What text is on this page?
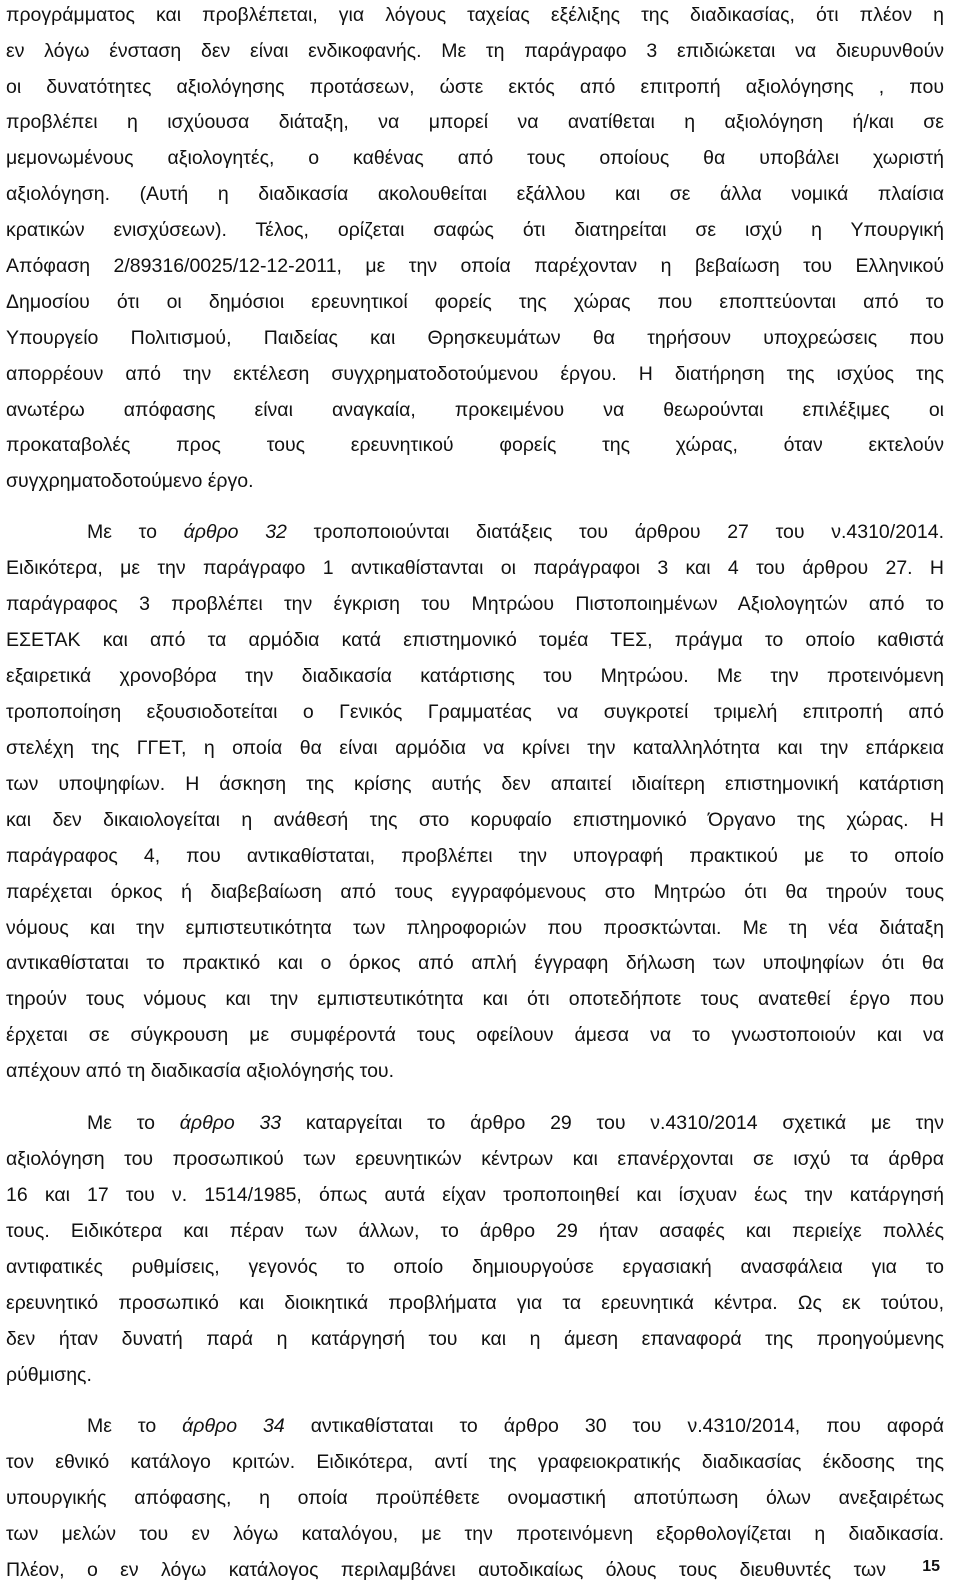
προγράμματος και προβλέπεται, για λόγους ταχείας εξέλιξης της διαδικασίας, ότι πλέον η
εν λόγω ένσταση δεν είναι ενδικοφανής. Με τη παράγραφο 3 επιδιώκεται να διευρυνθούν
οι δυνατότητες αξιολόγησης προτάσεων, ώστε εκτός από επιτροπή αξιολόγησης , που
προβλέπει η ισχύουσα διάταξη, να μπορεί να ανατίθεται η αξιολόγηση ή/και σε
μεμονωμένους αξιολογητές, ο καθένας από τους οποίους θα υποβάλει χωριστή
αξιολόγηση. (Αυτή η διαδικασία ακολουθείται εξάλλου και σε άλλα νομικά πλαίσια
κρατικών ενισχύσεων). Τέλος, ορίζεται σαφώς ότι διατηρείται σε ισχύ η Υπουργική
Απόφαση 2/89316/0025/12-12-2011, με την οποία παρέχονταν η βεβαίωση του Ελληνικού
Δημοσίου ότι οι δημόσιοι ερευνητικοί φορείς της χώρας που εποπτεύονται από το
Υπουργείο Πολιτισμού, Παιδείας και Θρησκευμάτων θα τηρήσουν υποχρεώσεις που
απορρέουν από την εκτέλεση συγχρηματοδοτούμενου έργου. Η διατήρηση της ισχύος της
ανωτέρω απόφασης είναι αναγκαία, προκειμένου να θεωρούνται επιλέξιμες οι
προκαταβολές προς τους ερευνητικού φορείς της χώρας, όταν εκτελούν
συγχρηματοδοτούμενο έργο.
Με το άρθρο 32 τροποποιούνται διατάξεις του άρθρου 27 του ν.4310/2014.
Ειδικότερα, με την παράγραφο 1 αντικαθίστανται οι παράγραφοι 3 και 4 του άρθρου 27. Η
παράγραφος 3 προβλέπει την έγκριση του Μητρώου Πιστοποιημένων Αξιολογητών από το
ΕΣΕΤΑΚ και από τα αρμόδια κατά επιστημονικό τομέα ΤΕΣ, πράγμα το οποίο καθιστά
εξαιρετικά χρονοβόρα την διαδικασία κατάρτισης του Μητρώου. Με την προτεινόμενη
τροποποίηση εξουσιοδοτείται ο Γενικός Γραμματέας να συγκροτεί τριμελή επιτροπή από
στελέχη της ΓΓΕΤ, η οποία θα είναι αρμόδια να κρίνει την καταλληλότητα και την επάρκεια
των υποψηφίων. Η άσκηση της κρίσης αυτής δεν απαιτεί ιδιαίτερη επιστημονική κατάρτιση
και δεν δικαιολογείται η ανάθεσή της στο κορυφαίο επιστημονικό Όργανο της χώρας. Η
παράγραφος 4, που αντικαθίσταται, προβλέπει την υπογραφή πρακτικού με το οποίο
παρέχεται όρκος ή διαβεβαίωση από τους εγγραφόμενους στο Μητρώο ότι θα τηρούν τους
νόμους και την εμπιστευτικότητα των πληροφοριών που προσκτώνται. Με τη νέα διάταξη
αντικαθίσταται το πρακτικό και ο όρκος από απλή έγγραφη δήλωση των υποψηφίων ότι θα
τηρούν τους νόμους και την εμπιστευτικότητα και ότι οποτεδήποτε τους ανατεθεί έργο που
έρχεται σε σύγκρουση με συμφέροντά τους οφείλουν άμεσα να το γνωστοποιούν και να
απέχουν από τη διαδικασία αξιολόγησής του.
Με το άρθρο 33 καταργείται το άρθρο 29 του ν.4310/2014 σχετικά με την
αξιολόγηση του προσωπικού των ερευνητικών κέντρων και επανέρχονται σε ισχύ τα άρθρα
16 και 17 του ν. 1514/1985, όπως αυτά είχαν τροποποιηθεί και ίσχυαν έως την κατάργησή
τους. Ειδικότερα και πέραν των άλλων, το άρθρο 29 ήταν ασαφές και περιείχε πολλές
αντιφατικές ρυθμίσεις, γεγονός το οποίο δημιουργούσε εργασιακή ανασφάλεια για το
ερευνητικό προσωπικό και διοικητικά προβλήματα για τα ερευνητικά κέντρα. Ως εκ τούτου,
δεν ήταν δυνατή παρά η κατάργησή του και η άμεση επαναφορά της προηγούμενης
ρύθμισης.
Με το άρθρο 34 αντικαθίσταται το άρθρο 30 του ν.4310/2014, που αφορά
τον εθνικό κατάλογο κριτών. Ειδικότερα, αντί της γραφειοκρατικής διαδικασίας έκδοσης της
υπουργικής απόφασης, η οποία προϋπέθετε ονομαστική αποτύπωση όλων ανεξαιρέτως
των μελών του εν λόγω καταλόγου, με την προτεινόμενη εξορθολογίζεται η διαδικασία.
Πλέον, ο εν λόγω κατάλογος περιλαμβάνει αυτοδικαίως όλους τους διευθυντές των 15
